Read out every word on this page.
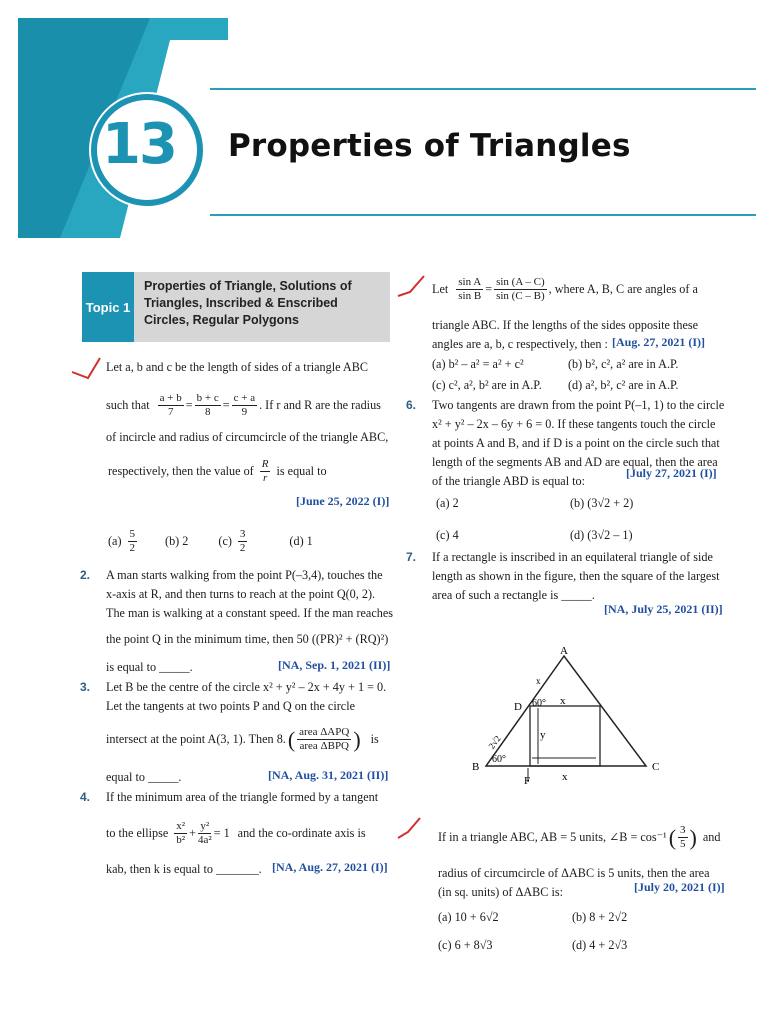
13 Properties of Triangles
Topic 1
Properties of Triangle, Solutions of Triangles, Inscribed & Enscribed Circles, Regular Polygons
Let a, b and c be the length of sides of a triangle ABC
such that $\frac{a + b}{7} = \frac{b + c}{8} = \frac{c + a}{9}$ . If r and R are the radius
of incircle and radius of circumcircle of the triangle ABC,
respectively, then the value of $\frac{R}{r}$ is equal to
[June 25, 2022 (I)]
$(a) \frac{5}{2} (b)$ 2 $(c) \frac{3}{2}$	(d) 1
2. A man starts walking from the point P(–3,4), touches the
x-axis at R, and then turns to reach at the point Q(0, 2).
The man is walking at a constant speed. If the man reaches
the point Q in the minimum time, then 50 ((PR)² + (RQ)²)
is equal to _____.	[NA, Sep. 1, 2021 (II)]
3. Let B be the centre of the circle x² + y² – 2x + 4y + 1 = 0.
Let the tangents at two points P and Q on the circle
intersect at the point A(3, 1). Then 8. ( $\frac{\text{area ΔAPQ}}{\text{area ΔBPQ}}$ ) is
equal to _____.	[NA, Aug. 31, 2021 (II)]
4. If the minimum area of the triangle formed by a tangent
to the ellipse $\frac{\text{x²}}{\text{b²}} + \frac{\text{y²}}{\text{4a²}} = 1$ and the co-ordinate axis is
kab, then k is equal to _______. [NA, Aug. 27, 2021 (I)]
Let $\frac{\text{sin A}}{\text{sin B}} = \frac{\sin (A - C)}{\sin (C - B)}$ , where A, B, C are angles of a
triangle ABC. If the lengths of the sides opposite these
angles are a, b, c respectively, then : [Aug. 27, 2021 (I)]
(a) b² – a² = a² + c²	(b) b², c², a² are in A.P.
(c) c², a², b² are in A.P. (d) a², b², c² are in A.P.
6. Two tangents are drawn from the point P(–1, 1) to the circle
x² + y² – 2x – 6y + 6 = 0. If these tangents touch the circle
at points A and B, and if D is a point on the circle such that
length of the segments AB and AD are equal, then the area
of the triangle ABD is equal to:
[July 27, 2021 (I)]
(a) 2	(b) (3√2 + 2)
(c) 4	(d) (3√2 – 1)
7. If a rectangle is inscribed in an equilateral triangle of side
length as shown in the figure, then the square of the largest
area of such a rectangle is _____.
[NA, July 25, 2021 (II)]
A
D
B	C
F
x
x
y
60°
60°
2√2
x
If in a triangle ABC, AB = 5 units, ∠B = cos⁻¹ ( $\frac{3}{5}$ ) and
radius of circumcircle of ΔABC is 5 units, then the area
(in sq. units) of ΔABC is:	[July 20, 2021 (I)]
(a) 10 + 6√2	(b) 8 + 2√2
(c) 6 + 8√3	(d) 4 + 2√3
